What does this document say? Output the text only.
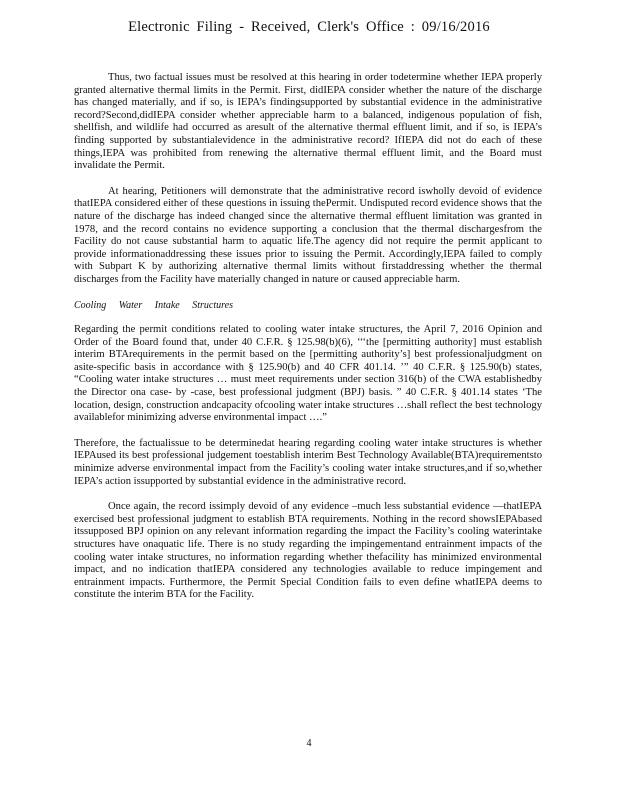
Electronic Filing - Received, Clerk's Office : 09/16/2016

Thus, two factual issues must be resolved at this hearing in order todetermine whether IEPA properly granted alternative thermal limits in the Permit. First, didIEPA consider whether the nature of the discharge has changed materially, and if so, is IEPA’s findingsupported by substantial evidence in the administrative record?Second,didIEPA consider whether appreciable harm to a balanced, indigenous population of fish, shellfish, and wildlife had occurred as aresult of the alternative thermal effluent limit, and if so, is IEPA’s finding supported by substantialevidence in the administrative record? IfIEPA did not do each of these things,IEPA was prohibited from renewing the alternative thermal effluent limit, and the Board must invalidate the Permit.

At hearing, Petitioners will demonstrate that the administrative record iswholly devoid of evidence thatIEPA considered either of these questions in issuing thePermit. Undisputed record evidence shows that the nature of the discharge has indeed changed since the alternative thermal effluent limitation was granted in 1978, and the record contains no evidence supporting a conclusion that the thermal dischargesfrom the Facility do not cause substantial harm to aquatic life.The agency did not require the permit applicant to provide informationaddressing these issues prior to issuing the Permit. Accordingly,IEPA failed to comply with Subpart K by authorizing alternative thermal limits without firstaddressing whether the thermal discharges from the Facility have materially changed in nature or caused appreciable harm.

Cooling Water Intake Structures

Regarding the permit conditions related to cooling water intake structures, the April 7, 2016 Opinion and Order of the Board found that, under 40 C.F.R. § 125.98(b)(6), ‘‘‘the [permitting authority] must establish interim BTArequirements in the permit based on the [permitting authority’s] best professionaljudgment on asite-specific basis in accordance with § 125.90(b) and 40 CFR 401.14. ’” 40 C.F.R. § 125.90(b) states, “Cooling water intake structures … must meet requirements under section 316(b) of the CWA establishedby the Director ona case- by -case, best professional judgment (BPJ) basis. ” 40 C.F.R. § 401.14 states ‘The location, design, construction andcapacity ofcooling water intake structures …shall reflect the best technology availablefor minimizing adverse environmental impact ….”

Therefore, the factualissue to be determinedat hearing regarding cooling water intake structures is whether IEPAused its best professional judgement toestablish interim Best Technology Available(BTA)requirementsto minimize adverse environmental impact from the Facility’s cooling water intake structures,and if so,whether IEPA’s action issupported by substantial evidence in the administrative record.

Once again, the record issimply devoid of any evidence –much less substantial evidence —thatIEPA exercised best professional judgment to establish BTA requirements. Nothing in the record showsIEPAbased itssupposed BPJ opinion on any relevant information regarding the impact the Facility’s cooling waterintake structures have onaquatic life. There is no study regarding the impingementand entrainment impacts of the cooling water intake structures, no information regarding whether thefacility has minimized environmental impact, and no indication thatIEPA considered any technologies available to reduce impingement and entrainment impacts. Furthermore, the Permit Special Condition fails to even define whatIEPA deems to constitute the interim BTA for the Facility.

4
